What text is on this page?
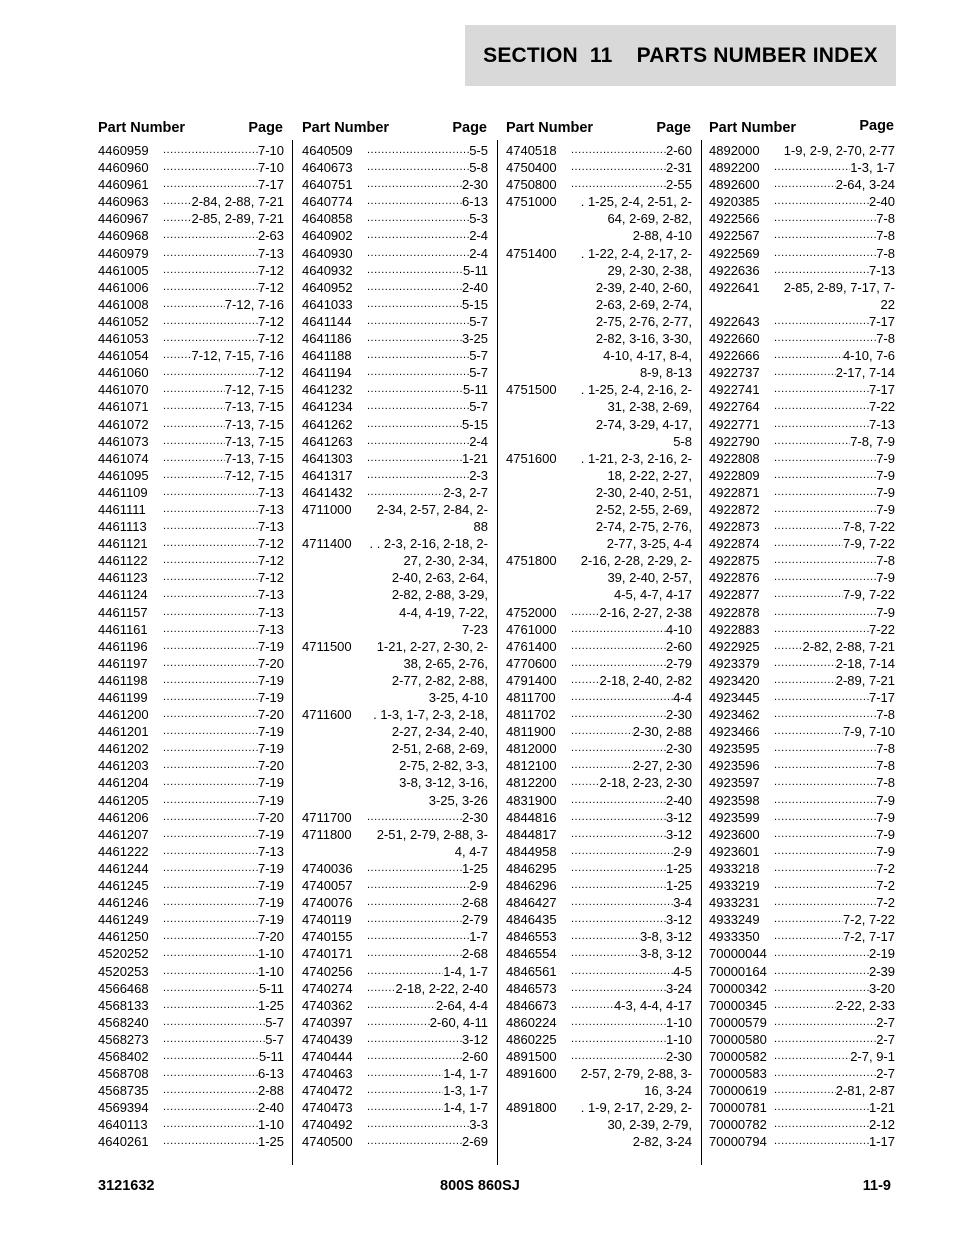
SECTION  11    PARTS NUMBER INDEX
Part Number	Page
4460959 .....	7-10
4460960 .....	7-10
4460961 .....	7-17
4460963 .....	2-84, 2-88, 7-21
4460967 .....	2-85, 2-89, 7-21
4460968 .....	2-63
4460979 .....	7-13
4461005 .....	7-12
4461006 .....	7-12
4461008 .....	7-12, 7-16
4461052 .....	7-12
4461053 .....	7-12
4461054 .....	7-12, 7-15, 7-16
4461060 .....	7-12
4461070 .....	7-12, 7-15
4461071 .....	7-13, 7-15
4461072 .....	7-13, 7-15
4461073 .....	7-13, 7-15
4461074 .....	7-13, 7-15
4461095 .....	7-12, 7-15
4461109 .....	7-13
4461111 .....	7-13
4461113 .....	7-13
4461121 .....	7-12
4461122 .....	7-12
4461123 .....	7-12
4461124 .....	7-13
4461157 .....	7-13
4461161 .....	7-13
4461196 .....	7-19
4461197 .....	7-20
4461198 .....	7-19
4461199 .....	7-19
4461200 .....	7-20
4461201 .....	7-19
4461202 .....	7-19
4461203 .....	7-20
4461204 .....	7-19
4461205 .....	7-19
4461206 .....	7-20
4461207 .....	7-19
4461222 .....	7-13
4461244 .....	7-19
4461245 .....	7-19
4461246 .....	7-19
4461249 .....	7-19
4461250 .....	7-20
4520252 .....	1-10
4520253 .....	1-10
4566468 .....	5-11
4568133 .....	1-25
4568240 .....	5-7
4568273 .....	5-7
4568402 .....	5-11
4568708 .....	6-13
4568735 .....	2-88
4569394 .....	2-40
4640113 .....	1-10
4640261 .....	1-25
Part Number	Page
4640509 .....	5-5
4640673 .....	5-8
4640751 .....	2-30
4640774 .....	6-13
4640858 .....	5-3
4640902 .....	2-4
4640930 .....	2-4
4640932 .....	5-11
4640952 .....	2-40
4641033 .....	5-15
4641144 .....	5-7
4641186 .....	3-25
4641188 .....	5-7
4641194 .....	5-7
4641232 .....	5-11
4641234 .....	5-7
4641262 .....	5-15
4641263 .....	2-4
4641303 .....	1-21
4641317 .....	2-3
4641432 .....	2-3, 2-7
4711000	2-34, 2-57, 2-84, 2-
88
4711400	. . 2-3, 2-16, 2-18, 2-
27, 2-30, 2-34,
2-40, 2-63, 2-64,
2-82, 2-88, 3-29,
4-4, 4-19, 7-22,
7-23
4711500	1-21, 2-27, 2-30, 2-
38, 2-65, 2-76,
2-77, 2-82, 2-88,
3-25, 4-10
4711600	. 1-3, 1-7, 2-3, 2-18,
2-27, 2-34, 2-40,
2-51, 2-68, 2-69,
2-75, 2-82, 3-3,
3-8, 3-12, 3-16,
3-25, 3-26
4711700 .....	2-30
4711800	2-51, 2-79, 2-88, 3-
4, 4-7
4740036 .....	1-25
4740057 .....	2-9
4740076 .....	2-68
4740119 .....	2-79
4740155 .....	1-7
4740171 .....	2-68
4740256 .....	1-4, 1-7
4740274 .....	2-18, 2-22, 2-40
4740362 .....	2-64, 4-4
4740397 .....	2-60, 4-11
4740439 .....	3-12
4740444 .....	2-60
4740463 .....	1-4, 1-7
4740472 .....	1-3, 1-7
4740473 .....	1-4, 1-7
4740492 .....	3-3
4740500 .....	2-69
Part Number	Page
4740518 .....	2-60
4750400 .....	2-31
4750800 .....	2-55
4751000	. 1-25, 2-4, 2-51, 2-
64, 2-69, 2-82,
2-88, 4-10
4751400	. 1-22, 2-4, 2-17, 2-
29, 2-30, 2-38,
2-39, 2-40, 2-60,
2-63, 2-69, 2-74,
2-75, 2-76, 2-77,
2-82, 3-16, 3-30,
4-10, 4-17, 8-4,
8-9, 8-13
4751500	. 1-25, 2-4, 2-16, 2-
31, 2-38, 2-69,
2-74, 3-29, 4-17,
5-8
4751600	. 1-21, 2-3, 2-16, 2-
18, 2-22, 2-27,
2-30, 2-40, 2-51,
2-52, 2-55, 2-69,
2-74, 2-75, 2-76,
2-77, 3-25, 4-4
4751800	2-16, 2-28, 2-29, 2-
39, 2-40, 2-57,
4-5, 4-7, 4-17
4752000 .....	2-16, 2-27, 2-38
4761000 .....	4-10
4761400 .....	2-60
4770600 .....	2-79
4791400 .....	2-18, 2-40, 2-82
4811700 .....	4-4
4811702 .....	2-30
4811900 .....	2-30, 2-88
4812000 .....	2-30
4812100 .....	2-27, 2-30
4812200 .....	2-18, 2-23, 2-30
4831900 .....	2-40
4844816 .....	3-12
4844817 .....	3-12
4844958 .....	2-9
4846295 .....	1-25
4846296 .....	1-25
4846427 .....	3-4
4846435 .....	3-12
4846553 .....	3-8, 3-12
4846554 .....	3-8, 3-12
4846561 .....	4-5
4846573 .....	3-24
4846673 .....	4-3, 4-4, 4-17
4860224 .....	1-10
4860225 .....	1-10
4891500 .....	2-30
4891600	2-57, 2-79, 2-88, 3-
16, 3-24
4891800	. 1-9, 2-17, 2-29, 2-
30, 2-39, 2-79,
2-82, 3-24
Part Number	Page
4892000	1-9, 2-9, 2-70, 2-77
4892200 .....	1-3, 1-7
4892600 .....	2-64, 3-24
4920385 .....	2-40
4922566 .....	7-8
4922567 .....	7-8
4922569 .....	7-8
4922636 .....	7-13
4922641	2-85, 2-89, 7-17, 7-
22
4922643 .....	7-17
4922660 .....	7-8
4922666 .....	4-10, 7-6
4922737 .....	2-17, 7-14
4922741 .....	7-17
4922764 .....	7-22
4922771 .....	7-13
4922790 .....	7-8, 7-9
4922808 .....	7-9
4922809 .....	7-9
4922871 .....	7-9
4922872 .....	7-9
4922873 .....	7-8, 7-22
4922874 .....	7-9, 7-22
4922875 .....	7-8
4922876 .....	7-9
4922877 .....	7-9, 7-22
4922878 .....	7-9
4922883 .....	7-22
4922925 .....	2-82, 2-88, 7-21
4923379 .....	2-18, 7-14
4923420 .....	2-89, 7-21
4923445 .....	7-17
4923462 .....	7-8
4923466 .....	7-9, 7-10
4923595 .....	7-8
4923596 .....	7-8
4923597 .....	7-8
4923598 .....	7-9
4923599 .....	7-9
4923600 .....	7-9
4923601 .....	7-9
4933218 .....	7-2
4933219 .....	7-2
4933231 .....	7-2
4933249 .....	7-2, 7-22
4933350 .....	7-2, 7-17
70000044 .....	2-19
70000164 .....	2-39
70000342 .....	3-20
70000345 .....	2-22, 2-33
70000579 .....	2-7
70000580 .....	2-7
70000582 .....	2-7, 9-1
70000583 .....	2-7
70000619 .....	2-81, 2-87
70000781 .....	1-21
70000782 .....	2-12
70000794 .....	1-17
3121632	800S 860SJ	11-9
